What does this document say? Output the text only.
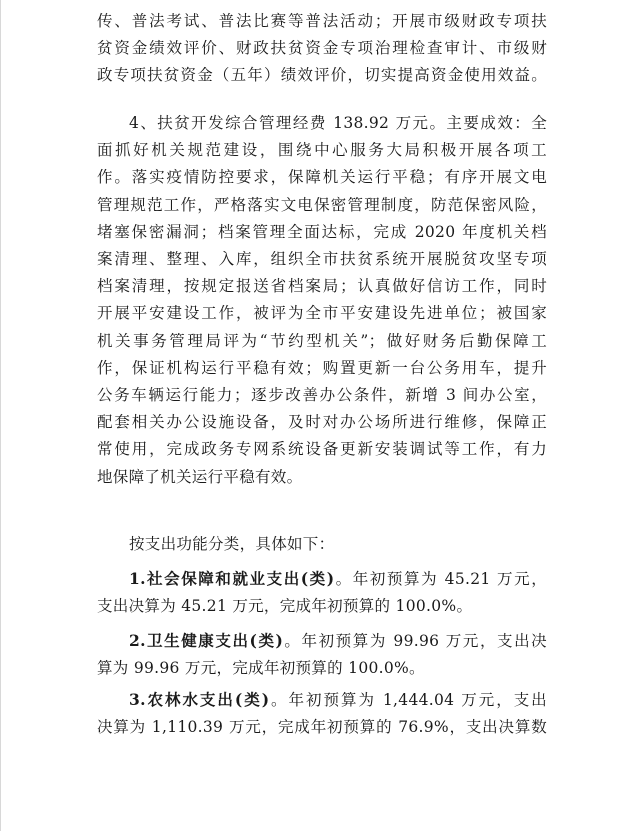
传、普法考试、普法比赛等普法活动；开展市级财政专项扶
贫资金绩效评价、财政扶贫资金专项治理检查审计、市级财
政专项扶贫资金（五年）绩效评价，切实提高资金使用效益。
4、扶贫开发综合管理经费 138.92 万元。主要成效：全
面抓好机关规范建设，围绕中心服务大局积极开展各项工
作。落实疫情防控要求，保障机关运行平稳；有序开展文电
管理规范工作，严格落实文电保密管理制度，防范保密风险，
堵塞保密漏洞；档案管理全面达标，完成 2020 年度机关档
案清理、整理、入库，组织全市扶贫系统开展脱贫攻坚专项
档案清理，按规定报送省档案局；认真做好信访工作，同时
开展平安建设工作，被评为全市平安建设先进单位；被国家
机关事务管理局评为“节约型机关”；做好财务后勤保障工
作，保证机构运行平稳有效；购置更新一台公务用车，提升
公务车辆运行能力；逐步改善办公条件，新增 3 间办公室，
配套相关办公设施设备，及时对办公场所进行维修，保障正
常使用，完成政务专网系统设备更新安装调试等工作，有力
地保障了机关运行平稳有效。
按支出功能分类，具体如下：
1.社会保障和就业支出(类)。年初预算为 45.21 万元，
支出决算为 45.21 万元，完成年初预算的 100.0%。
2.卫生健康支出(类)。年初预算为 99.96 万元，支出决
算为 99.96 万元，完成年初预算的 100.0%。
3.农林水支出(类)。年初预算为 1,444.04 万元，支出
决算为 1,110.39 万元，完成年初预算的 76.9%，支出决算数
